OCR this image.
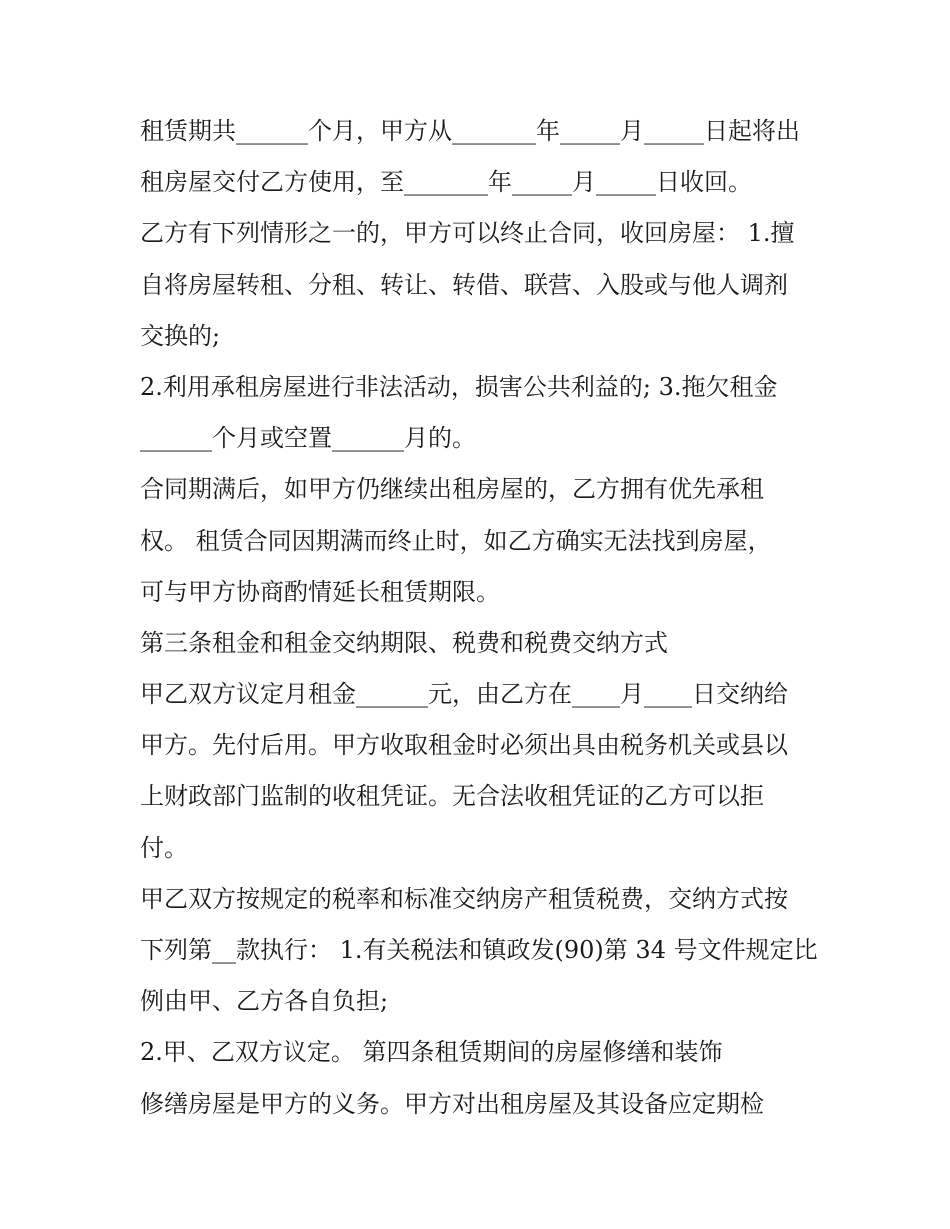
租赁期共______个月，甲方从_______年_____月_____日起将出
租房屋交付乙方使用，至_______年_____月_____日收回。
乙方有下列情形之一的，甲方可以终止合同，收回房屋： 1.擅
自将房屋转租、分租、转让、转借、联营、入股或与他人调剂
交换的;
2.利用承租房屋进行非法活动，损害公共利益的; 3.拖欠租金
______个月或空置______月的。
合同期满后，如甲方仍继续出租房屋的，乙方拥有优先承租
权。 租赁合同因期满而终止时，如乙方确实无法找到房屋，
可与甲方协商酌情延长租赁期限。
第三条租金和租金交纳期限、税费和税费交纳方式
甲乙双方议定月租金______元，由乙方在____月____日交纳给
甲方。先付后用。甲方收取租金时必须出具由税务机关或县以
上财政部门监制的收租凭证。无合法收租凭证的乙方可以拒
付。
甲乙双方按规定的税率和标准交纳房产租赁税费，交纳方式按
下列第__款执行： 1.有关税法和镇政发(90)第 34 号文件规定比
例由甲、乙方各自负担;
2.甲、乙双方议定。 第四条租赁期间的房屋修缮和装饰
修缮房屋是甲方的义务。甲方对出租房屋及其设备应定期检
